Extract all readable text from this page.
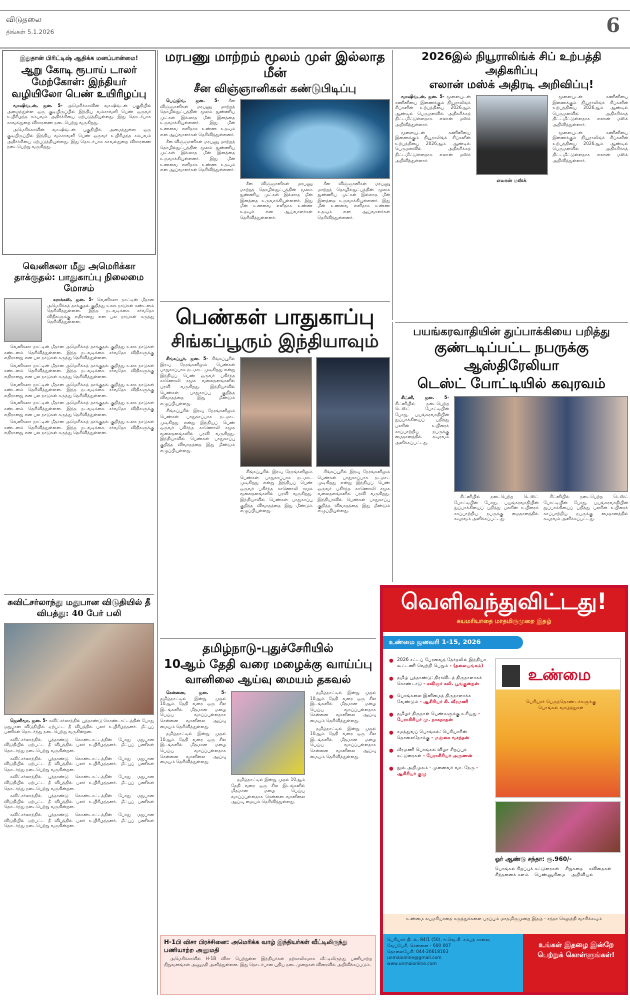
விடுதலை
திங்கள் 5.1.2026	6
இதுதான் பிரிட்டிஷ் ஆதிக்க மனப்பான்மை!
ஆறு கோடி ரூபாய் டாலர் மேற்கோள்: இந்தியர் வழியிலோ பெண் உயிரிழப்பு

வாஷிங்டன், ஜன. 5- அமெரிக்காவின் வாஷிங்டன் பகுதியில் அமைந்துள்ள ஒரு குடியிருப்பில் இந்திய வம்சாவளி பெண் ஒருவர் உயிரிழந்த சம்பவம் அதிர்ச்சியை ஏற்படுத்தியுள்ளது. இது தொடர்பாக காவல்துறை விசாரணை நடைபெற்று வருகிறது.

அமெரிக்காவின் வாஷிங்டன் பகுதியில் அமைந்துள்ள ஒரு குடியிருப்பில் இந்திய வம்சாவளி பெண் ஒருவர் உயிரிழந்த சம்பவம் அதிர்ச்சியை ஏற்படுத்தியுள்ளது. இது தொடர்பாக காவல்துறை விசாரணை நடைபெற்று வருகிறது.

வெனிசுலா மீது அமெரிக்கா தாக்குதல்: பாதுகாப்பு நிலைமை மோசம்

கராக்கஸ், ஜன. 5- வெனிசுலா நாட்டின் மீதான அமெரிக்கத் தாக்குதல் குறித்து உலக நாடுகள் கண்டனம் தெரிவித்துள்ளன. இந்த நடவடிக்கை சர்வதேச விதிகளுக்கு எதிரானது என பல நாடுகள் கருத்து தெரிவித்துள்ளன.

வெனிசுலா நாட்டின் மீதான அமெரிக்கத் தாக்குதல் குறித்து உலக நாடுகள் கண்டனம் தெரிவித்துள்ளன. இந்த நடவடிக்கை சர்வதேச விதிகளுக்கு எதிரானது என பல நாடுகள் கருத்து தெரிவித்துள்ளன.

வெனிசுலா நாட்டின் மீதான அமெரிக்கத் தாக்குதல் குறித்து உலக நாடுகள் கண்டனம் தெரிவித்துள்ளன. இந்த நடவடிக்கை சர்வதேச விதிகளுக்கு எதிரானது என பல நாடுகள் கருத்து தெரிவித்துள்ளன.

வெனிசுலா நாட்டின் மீதான அமெரிக்கத் தாக்குதல் குறித்து உலக நாடுகள் கண்டனம் தெரிவித்துள்ளன. இந்த நடவடிக்கை சர்வதேச விதிகளுக்கு எதிரானது என பல நாடுகள் கருத்து தெரிவித்துள்ளன.

வெனிசுலா நாட்டின் மீதான அமெரிக்கத் தாக்குதல் குறித்து உலக நாடுகள் கண்டனம் தெரிவித்துள்ளன. இந்த நடவடிக்கை சர்வதேச விதிகளுக்கு எதிரானது என பல நாடுகள் கருத்து தெரிவித்துள்ளன.

வெனிசுலா நாட்டின் மீதான அமெரிக்கத் தாக்குதல் குறித்து உலக நாடுகள் கண்டனம் தெரிவித்துள்ளன. இந்த நடவடிக்கை சர்வதேச விதிகளுக்கு எதிரானது என பல நாடுகள் கருத்து தெரிவித்துள்ளன.

சுவிட்சர்லாந்து மதுபான விடுதியில் தீ விபத்து: 40 பேர் பலி

ஜெனிவா, ஜன. 5- சுவிட்சர்லாந்தில் புத்தாண்டு கொண்டாட்டத்தின் போது மதுபான விடுதியில் ஏற்பட்ட தீ விபத்தில் பலர் உயிரிழந்தனர். மீட்புப் பணிகள் தொடர்ந்து நடைபெற்று வருகின்றன.

சுவிட்சர்லாந்தில் புத்தாண்டு கொண்டாட்டத்தின் போது மதுபான விடுதியில் ஏற்பட்ட தீ விபத்தில் பலர் உயிரிழந்தனர். மீட்புப் பணிகள் தொடர்ந்து நடைபெற்று வருகின்றன.

சுவிட்சர்லாந்தில் புத்தாண்டு கொண்டாட்டத்தின் போது மதுபான விடுதியில் ஏற்பட்ட தீ விபத்தில் பலர் உயிரிழந்தனர். மீட்புப் பணிகள் தொடர்ந்து நடைபெற்று வருகின்றன.

சுவிட்சர்லாந்தில் புத்தாண்டு கொண்டாட்டத்தின் போது மதுபான விடுதியில் ஏற்பட்ட தீ விபத்தில் பலர் உயிரிழந்தனர். மீட்புப் பணிகள் தொடர்ந்து நடைபெற்று வருகின்றன.

சுவிட்சர்லாந்தில் புத்தாண்டு கொண்டாட்டத்தின் போது மதுபான விடுதியில் ஏற்பட்ட தீ விபத்தில் பலர் உயிரிழந்தனர். மீட்புப் பணிகள் தொடர்ந்து நடைபெற்று வருகின்றன.

சுவிட்சர்லாந்தில் புத்தாண்டு கொண்டாட்டத்தின் போது மதுபான விடுதியில் ஏற்பட்ட தீ விபத்தில் பலர் உயிரிழந்தனர். மீட்புப் பணிகள் தொடர்ந்து நடைபெற்று வருகின்றன.

மரபணு மாற்றம் மூலம் முள் இல்லாத மீன்
சீன விஞ்ஞானிகள் கண்டுபிடிப்பு

பெய்ஜிங், ஜன. 5- சீன விஞ்ஞானிகள் மரபணு மாற்றத் தொழில்நுட்பத்தின் மூலம் நுண்ணிய முட்கள் இல்லாத மீன் இனத்தை உருவாக்கியுள்ளனர். இது மீன் உணவை எளிதாக உண்ண உதவும் என ஆய்வாளர்கள் தெரிவித்துள்ளனர்.

சீன விஞ்ஞானிகள் மரபணு மாற்றத் தொழில்நுட்பத்தின் மூலம் நுண்ணிய முட்கள் இல்லாத மீன் இனத்தை உருவாக்கியுள்ளனர். இது மீன் உணவை எளிதாக உண்ண உதவும் என ஆய்வாளர்கள் தெரிவித்துள்ளனர்.

சீன விஞ்ஞானிகள் மரபணு மாற்றத் தொழில்நுட்பத்தின் மூலம் நுண்ணிய முட்கள் இல்லாத மீன் இனத்தை உருவாக்கியுள்ளனர். இது மீன் உணவை எளிதாக உண்ண உதவும் என ஆய்வாளர்கள் தெரிவித்துள்ளனர்.

சீன விஞ்ஞானிகள் மரபணு மாற்றத் தொழில்நுட்பத்தின் மூலம் நுண்ணிய முட்கள் இல்லாத மீன் இனத்தை உருவாக்கியுள்ளனர். இது மீன் உணவை எளிதாக உண்ண உதவும் என ஆய்வாளர்கள் தெரிவித்துள்ளனர்.

2026இல் நியூராலிங்க் சிப் உற்பத்தி அதிகரிப்பு
எலான் மஸ்க் அதிரடி அறிவிப்பு!

வாஷிங்டன், ஜன. 5- மூளையுடன் கணினியை இணைக்கும் நியூராலிங்க் சிப்களின் உற்பத்தியை 2026ஆம் ஆண்டில் பெருமளவில் அதிகரிக்கத் திட்டமிட்டுள்ளதாக எலான் மஸ்க் அறிவித்துள்ளார்.

மூளையுடன் கணினியை இணைக்கும் நியூராலிங்க் சிப்களின் உற்பத்தியை 2026ஆம் ஆண்டில் பெருமளவில் அதிகரிக்கத் திட்டமிட்டுள்ளதாக எலான் மஸ்க் அறிவித்துள்ளார்.

எலான் மஸ்க்

மூளையுடன் கணினியை இணைக்கும் நியூராலிங்க் சிப்களின் உற்பத்தியை 2026ஆம் ஆண்டில் பெருமளவில் அதிகரிக்கத் திட்டமிட்டுள்ளதாக எலான் மஸ்க் அறிவித்துள்ளார்.

மூளையுடன் கணினியை இணைக்கும் நியூராலிங்க் சிப்களின் உற்பத்தியை 2026ஆம் ஆண்டில் பெருமளவில் அதிகரிக்கத் திட்டமிட்டுள்ளதாக எலான் மஸ்க் அறிவித்துள்ளார்.

பெண்கள் பாதுகாப்பு
சிங்கப்பூரும் இந்தியாவும்

சிங்கப்பூர், ஜன. 5- சிங்கப்பூரில் இரவு நேரங்களிலும் பெண்கள் பாதுகாப்பாக நடமாட முடிகிறது என்று இந்தியப் பெண் ஒருவர் பகிர்ந்த காணொலி சமூக வலைதளங்களில் பரவி வருகிறது. இந்தியாவில் பெண்கள் பாதுகாப்பு குறித்த விவாதத்தை இது மீண்டும் எழுப்பியுள்ளது.

சிங்கப்பூரில் இரவு நேரங்களிலும் பெண்கள் பாதுகாப்பாக நடமாட முடிகிறது என்று இந்தியப் பெண் ஒருவர் பகிர்ந்த காணொலி சமூக வலைதளங்களில் பரவி வருகிறது. இந்தியாவில் பெண்கள் பாதுகாப்பு குறித்த விவாதத்தை இது மீண்டும் எழுப்பியுள்ளது.

சிங்கப்பூரில் இரவு நேரங்களிலும் பெண்கள் பாதுகாப்பாக நடமாட முடிகிறது என்று இந்தியப் பெண் ஒருவர் பகிர்ந்த காணொலி சமூக வலைதளங்களில் பரவி வருகிறது. இந்தியாவில் பெண்கள் பாதுகாப்பு குறித்த விவாதத்தை இது மீண்டும் எழுப்பியுள்ளது.

சிங்கப்பூரில் இரவு நேரங்களிலும் பெண்கள் பாதுகாப்பாக நடமாட முடிகிறது என்று இந்தியப் பெண் ஒருவர் பகிர்ந்த காணொலி சமூக வலைதளங்களில் பரவி வருகிறது. இந்தியாவில் பெண்கள் பாதுகாப்பு குறித்த விவாதத்தை இது மீண்டும் எழுப்பியுள்ளது.

பயங்கரவாதியின் துப்பாக்கியை பறித்து
குண்டடிப்பட்ட நபருக்கு ஆஸ்திரேலியா
டெஸ்ட் போட்டியில் கவுரவம்

சிட்னி, ஜன. 5- சிட்னியில் நடைபெற்ற டெஸ்ட் போட்டியின் போது, பயங்கரவாதியின் துப்பாக்கியைப் பறித்து பலரின் உயிரைக் காப்பாற்றிய நபருக்கு மைதானத்தில் கவுரவம் அளிக்கப்பட்டது.

சிட்னியில் நடைபெற்ற டெஸ்ட் போட்டியின் போது, பயங்கரவாதியின் துப்பாக்கியைப் பறித்து பலரின் உயிரைக் காப்பாற்றிய நபருக்கு மைதானத்தில் கவுரவம் அளிக்கப்பட்டது.

சிட்னியில் நடைபெற்ற டெஸ்ட் போட்டியின் போது, பயங்கரவாதியின் துப்பாக்கியைப் பறித்து பலரின் உயிரைக் காப்பாற்றிய நபருக்கு மைதானத்தில் கவுரவம் அளிக்கப்பட்டது.

தமிழ்நாடு-புதுச்சேரியில்
10ஆம் தேதி வரை மழைக்கு வாய்ப்பு
வானிலை ஆய்வு மையம் தகவல்

சென்னை, ஜன. 5- தமிழ்நாட்டில் இன்று முதல் 10ஆம் தேதி வரை ஒரு சில இடங்களில் மிதமான மழை பெய்ய வாய்ப்புள்ளதாக சென்னை வானிலை ஆய்வு மையம் தெரிவித்துள்ளது.

தமிழ்நாட்டில் இன்று முதல் 10ஆம் தேதி வரை ஒரு சில இடங்களில் மிதமான மழை பெய்ய வாய்ப்புள்ளதாக சென்னை வானிலை ஆய்வு மையம் தெரிவித்துள்ளது.

தமிழ்நாட்டில் இன்று முதல் 10ஆம் தேதி வரை ஒரு சில இடங்களில் மிதமான மழை பெய்ய வாய்ப்புள்ளதாக சென்னை வானிலை ஆய்வு மையம் தெரிவித்துள்ளது.

தமிழ்நாட்டில் இன்று முதல் 10ஆம் தேதி வரை ஒரு சில இடங்களில் மிதமான மழை பெய்ய வாய்ப்புள்ளதாக சென்னை வானிலை ஆய்வு மையம் தெரிவித்துள்ளது.

தமிழ்நாட்டில் இன்று முதல் 10ஆம் தேதி வரை ஒரு சில இடங்களில் மிதமான மழை பெய்ய வாய்ப்புள்ளதாக சென்னை வானிலை ஆய்வு மையம் தெரிவித்துள்ளது.

H-1பி விசா பிரச்சினை: அமெரிக்க வாழ் இந்தியர்கள் வீட்டிலிருந்து பணியாற்ற அனுமதி

அமெரிக்காவில் H-1B விசா பெற்றுள்ள இந்தியர்கள் தற்காலிகமாக வீட்டிலிருந்து பணியாற்ற நிறுவனங்கள் அனுமதி அளித்துள்ளன. இது தொடர்பான புதிய நடைமுறைகள் விரைவில் அறிவிக்கப்படும்.

வெளிவந்துவிட்டது!
சுயமரியாதை மாதமிருமுறை இதழ்
உண்மை ஜனவரி 1-15, 2026
● 2026 சட்டப் பேரவைத் தேர்தலில் இந்தியா கூட்டணி வெற்றி பெறும் - (தலையங்கம்)
● தமிழ் புத்தாண்டு: திராவிடத் திருநாளாகக் கொண்டாடு - கவிஞர் கலி. பூங்குன்றன்
● பொங்கலை இனிமைத் திருநாளாக்க வேண்டும் - ஆசிரியர் கி. வீரமணி
● தமிழர் திருநாள் பெண்களுக்கு உரியது - பேராசிரியர் மு. நாகநாதன்
● சமத்துவப் பொங்கல்: பெரியாரின் தொலைநோக்கு - மஞ்சை வசந்தன்
● வீரமணி பொங்கல் விழா சிறப்புக் கட்டுரைகள் - பேராசிரியர் அருணன்
● நூல் அறிமுகம் - முனைவர் வா. நேரு - ஆசிரியர் குழு
உண்மை
பெரியார் பெருந்தொண்டர்களுக்கு பொங்கல் வாழ்த்துகள்
ஓர் ஆண்டு சந்தா: ரூ.960/-
பொங்கல் சிறப்புக் கட்டுரைகள் சிறுகதை கவிதைகள்
சிந்தனைக் களம் பெண்ணுரிமை அறிவியல்
உண்மை சுயமரியாதை கருத்துக்களை பரப்பும் மாதமிருமுறை இதழ் - சந்தா செலுத்தி வாசிக்கவும்
பெரியார் திடல், 84/1 (50), ஈ.வெ.கி. சம்பத் சாலை,
வேப்பேரி, சென்னை - 600 007
தொலைபேசி: 044-26618163
unmaionline@gmail.com
www.unmaionline.com
உங்கள் இதழை இன்றே பெற்றுக் கொள்ளுங்கள்!
